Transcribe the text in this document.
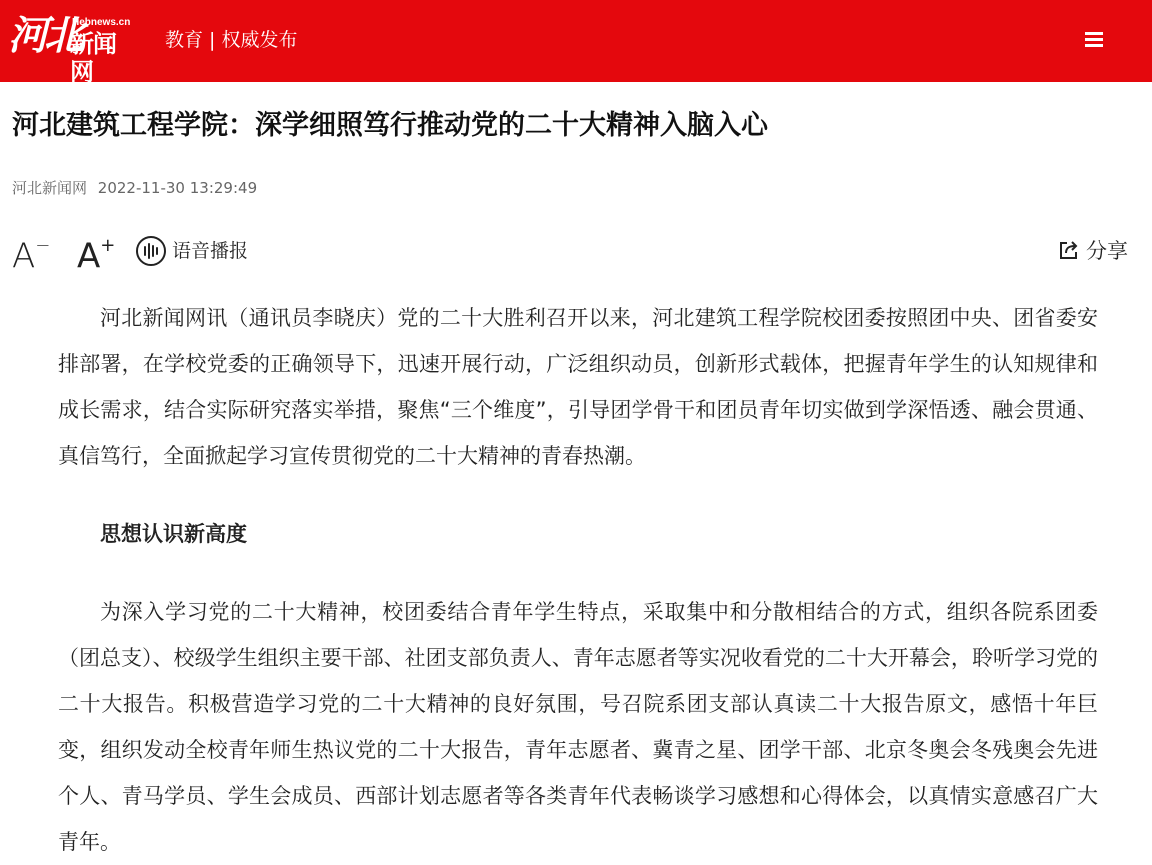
河北
Hebnews.cn
新闻网
教育 | 权威发布
河北建筑工程学院：深学细照笃行推动党的二十大精神入脑入心
河北新闻网 2022-11-30 13:29:49
A− A+	语音播报	分享

河北新闻网讯（通讯员李晓庆）党的二十大胜利召开以来，河北建筑工程学院校团委按照团中央、团省委安排部署，在学校党委的正确领导下，迅速开展行动，广泛组织动员，创新形式载体，把握青年学生的认知规律和成长需求，结合实际研究落实举措，聚焦“三个维度”，引导团学骨干和团员青年切实做到学深悟透、融会贯通、真信笃行，全面掀起学习宣传贯彻党的二十大精神的青春热潮。

思想认识新高度

为深入学习党的二十大精神，校团委结合青年学生特点，采取集中和分散相结合的方式，组织各院系团委（团总支）、校级学生组织主要干部、社团支部负责人、青年志愿者等实况收看党的二十大开幕会，聆听学习党的二十大报告。积极营造学习党的二十大精神的良好氛围，号召院系团支部认真读二十大报告原文，感悟十年巨变，组织发动全校青年师生热议党的二十大报告，青年志愿者、冀青之星、团学干部、北京冬奥会冬残奥会先进个人、青马学员、学生会成员、西部计划志愿者等各类青年代表畅谈学习感想和心得体会，以真情实意感召广大青年。
